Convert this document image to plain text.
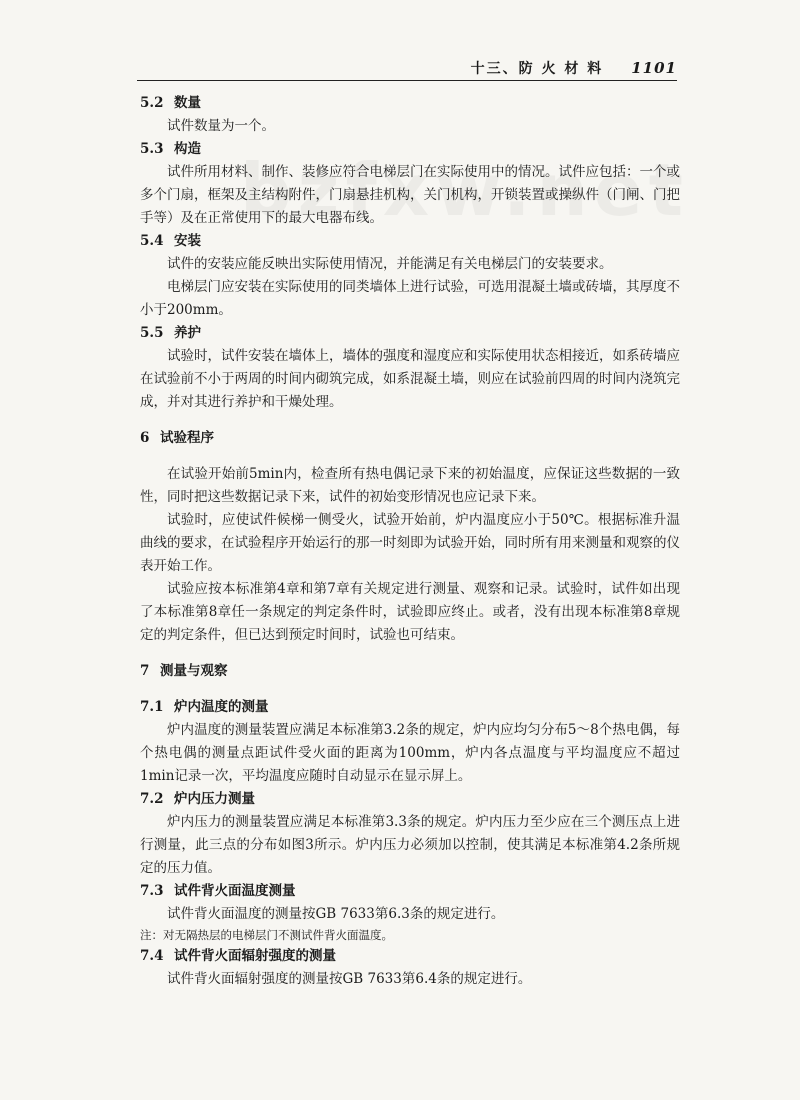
十三、防 火 材 料 1101

5.2 数量

试件数量为一个。

5.3 构造

试件所用材料、制作、装修应符合电梯层门在实际使用中的情况。试件应包括：一个或多个门扇，框架及主结构附件，门扇悬挂机构，关门机构，开锁装置或操纵件（门闸、门把手等）及在正常使用下的最大电器布线。

5.4 安装

试件的安装应能反映出实际使用情况，并能满足有关电梯层门的安装要求。

电梯层门应安装在实际使用的同类墙体上进行试验，可选用混凝土墙或砖墙，其厚度不小于200mm。

5.5 养护

试验时，试件安装在墙体上，墙体的强度和湿度应和实际使用状态相接近，如系砖墙应在试验前不小于两周的时间内砌筑完成，如系混凝土墙，则应在试验前四周的时间内浇筑完成，并对其进行养护和干燥处理。

6 试验程序

在试验开始前5min内，检查所有热电偶记录下来的初始温度，应保证这些数据的一致性，同时把这些数据记录下来，试件的初始变形情况也应记录下来。

试验时，应使试件候梯一侧受火，试验开始前，炉内温度应小于50℃。根据标准升温曲线的要求，在试验程序开始运行的那一时刻即为试验开始，同时所有用来测量和观察的仪表开始工作。

试验应按本标准第4章和第7章有关规定进行测量、观察和记录。试验时，试件如出现了本标准第8章任一条规定的判定条件时，试验即应终止。或者，没有出现本标准第8章规定的判定条件，但已达到预定时间时，试验也可结束。

7 测量与观察

7.1 炉内温度的测量

炉内温度的测量装置应满足本标准第3.2条的规定，炉内应均匀分布5～8个热电偶，每个热电偶的测量点距试件受火面的距离为100mm，炉内各点温度与平均温度应不超过1min记录一次，平均温度应随时自动显示在显示屏上。

7.2 炉内压力测量

炉内压力的测量装置应满足本标准第3.3条的规定。炉内压力至少应在三个测压点上进行测量，此三点的分布如图3所示。炉内压力必须加以控制，使其满足本标准第4.2条所规定的压力值。

7.3 试件背火面温度测量

试件背火面温度的测量按GB 7633第6.3条的规定进行。

注：对无隔热层的电梯层门不测试件背火面温度。

7.4 试件背火面辐射强度的测量

试件背火面辐射强度的测量按GB 7633第6.4条的规定进行。
